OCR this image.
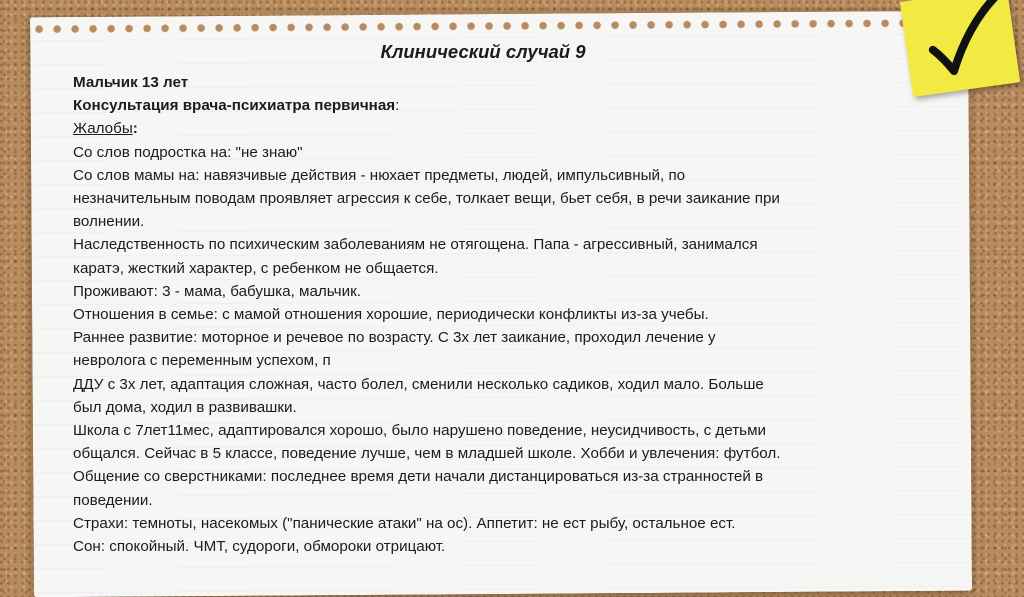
Клинический случай 9

Мальчик 13 лет

Консультация врача-психиатра первичная:

Жалобы:

Со слов подростка на: "не знаю"

Со слов мамы на: навязчивые действия - нюхает предметы, людей, импульсивный, по

незначительным поводам проявляет агрессия к себе, толкает вещи, бьет себя, в речи заикание при

волнении.

Наследственность по психическим заболеваниям не отягощена. Папа - агрессивный, занимался

каратэ, жесткий характер, с ребенком не общается.

Проживают: 3 - мама, бабушка, мальчик.

Отношения в семье: с мамой отношения хорошие, периодически конфликты из-за учебы.

Раннее развитие: моторное и речевое по возрасту. С 3х лет заикание, проходил лечение у

невролога с переменным успехом, п

ДДУ с 3х лет, адаптация сложная, часто болел, сменили несколько садиков, ходил мало. Больше

был дома, ходил в развивашки.

Школа с 7лет11мес, адаптировался хорошо, было нарушено поведение, неусидчивость, с детьми

общался. Сейчас в 5 классе, поведение лучше, чем в младшей школе. Хобби и увлечения: футбол.

Общение со сверстниками: последнее время дети начали дистанцироваться из-за странностей в

поведении.

Страхи: темноты, насекомых ("панические атаки" на ос). Аппетит: не ест рыбу, остальное ест.

Сон: спокойный. ЧМТ, судороги, обмороки отрицают.
